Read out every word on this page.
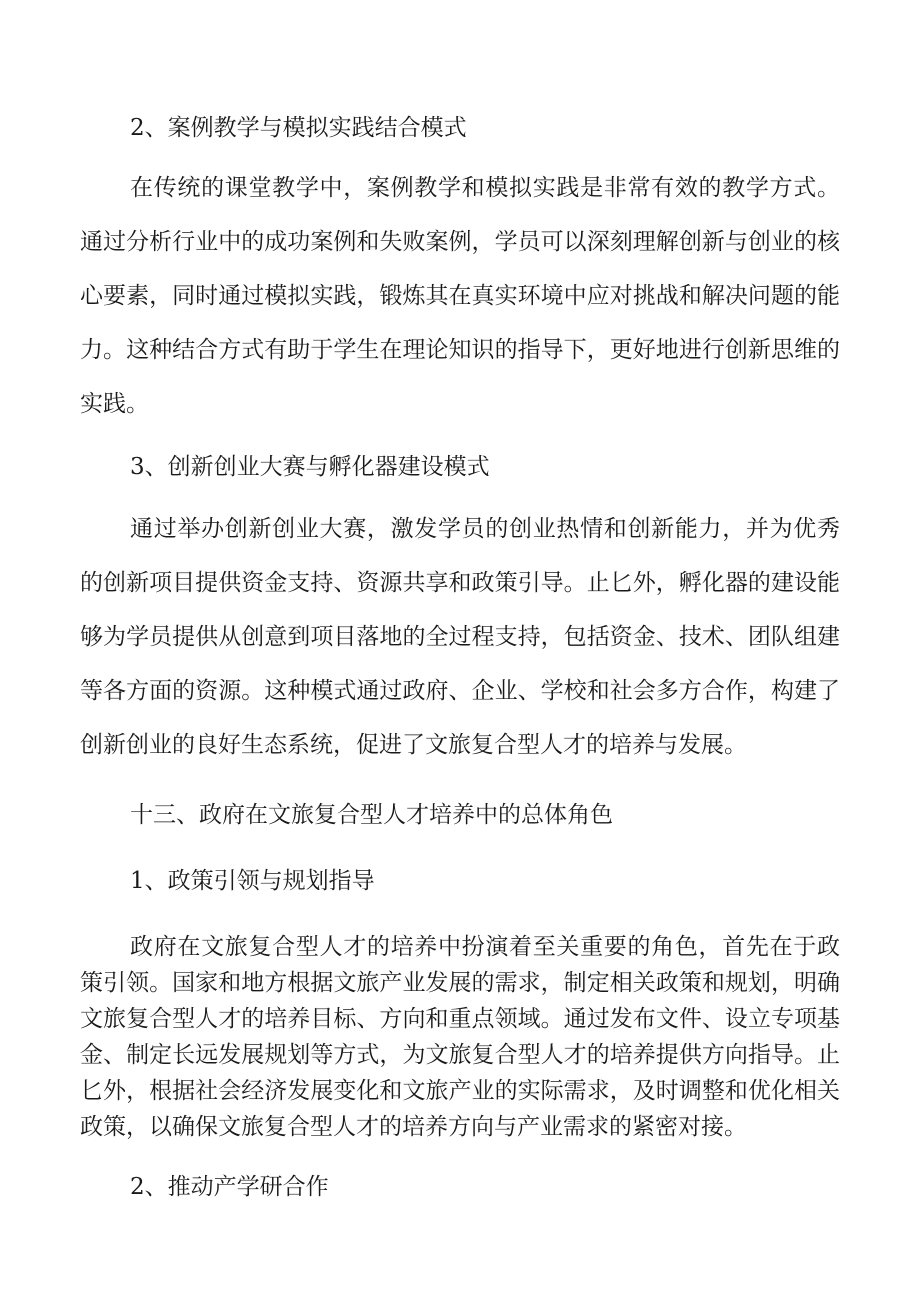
2、案例教学与模拟实践结合模式
在传统的课堂教学中，案例教学和模拟实践是非常有效的教学方式。
通过分析行业中的成功案例和失败案例，学员可以深刻理解创新与创业的核
心要素，同时通过模拟实践，锻炼其在真实环境中应对挑战和解决问题的能
力。这种结合方式有助于学生在理论知识的指导下，更好地进行创新思维的
实践。
3、创新创业大赛与孵化器建设模式
通过举办创新创业大赛，激发学员的创业热情和创新能力，并为优秀
的创新项目提供资金支持、资源共享和政策引导。止匕外，孵化器的建设能
够为学员提供从创意到项目落地的全过程支持，包括资金、技术、团队组建
等各方面的资源。这种模式通过政府、企业、学校和社会多方合作，构建了
创新创业的良好生态系统，促进了文旅复合型人才的培养与发展。
十三、政府在文旅复合型人才培养中的总体角色
1、政策引领与规划指导
政府在文旅复合型人才的培养中扮演着至关重要的角色，首先在于政
策引领。国家和地方根据文旅产业发展的需求，制定相关政策和规划，明确
文旅复合型人才的培养目标、方向和重点领域。通过发布文件、设立专项基
金、制定长远发展规划等方式，为文旅复合型人才的培养提供方向指导。止
匕外，根据社会经济发展变化和文旅产业的实际需求，及时调整和优化相关
政策，以确保文旅复合型人才的培养方向与产业需求的紧密对接。
2、推动产学研合作
